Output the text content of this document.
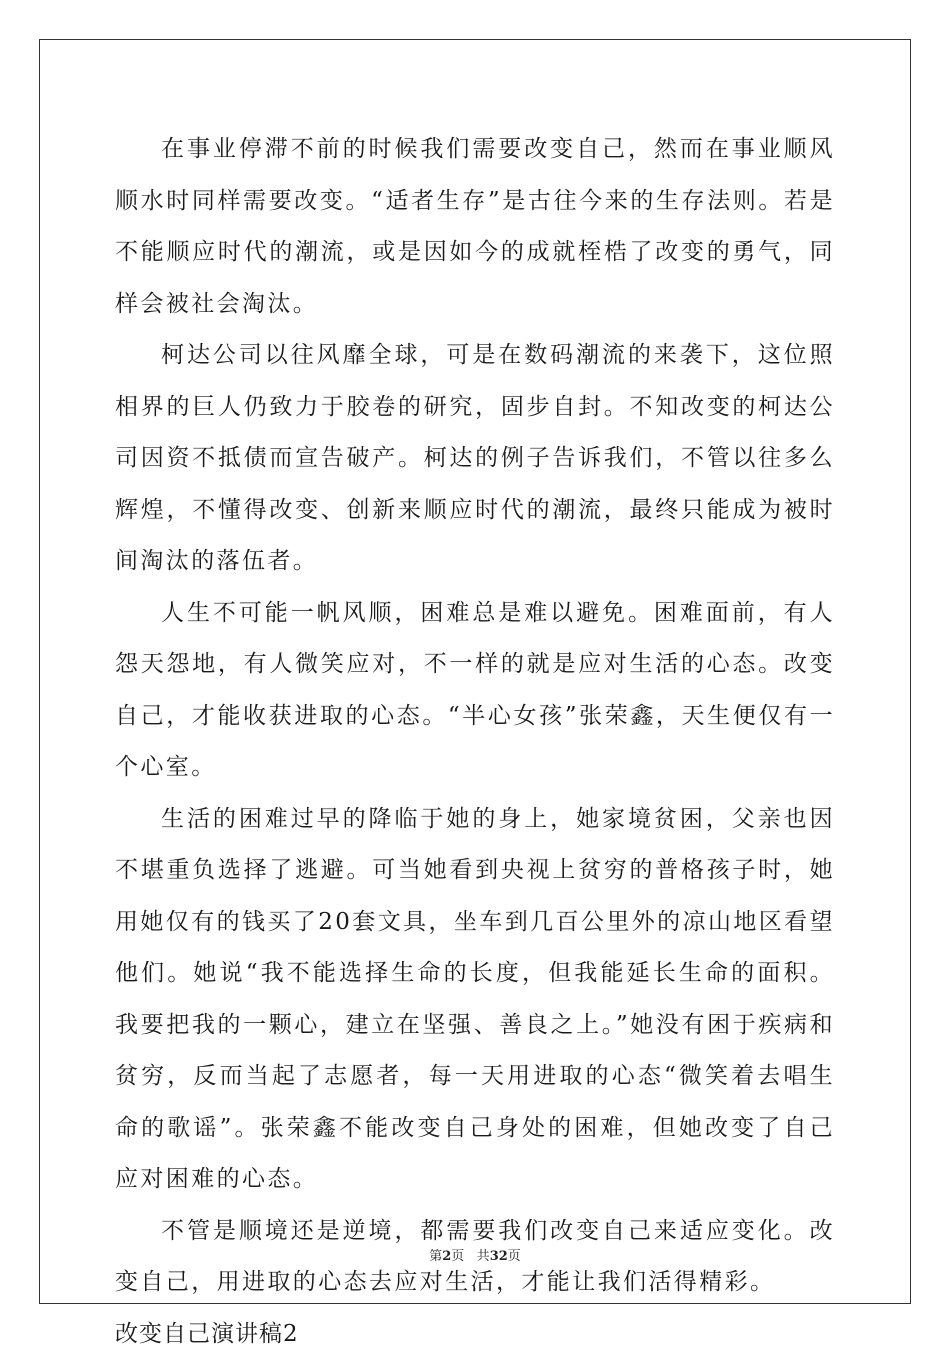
在事业停滞不前的时候我们需要改变自己，然而在事业顺风顺水时同样需要改变。“适者生存”是古往今来的生存法则。若是不能顺应时代的潮流，或是因如今的成就桎梏了改变的勇气，同样会被社会淘汰。

柯达公司以往风靡全球，可是在数码潮流的来袭下，这位照相界的巨人仍致力于胶卷的研究，固步自封。不知改变的柯达公司因资不抵债而宣告破产。柯达的例子告诉我们，不管以往多么辉煌，不懂得改变、创新来顺应时代的潮流，最终只能成为被时间淘汰的落伍者。

人生不可能一帆风顺，困难总是难以避免。困难面前，有人怨天怨地，有人微笑应对，不一样的就是应对生活的心态。改变自己，才能收获进取的心态。“半心女孩”张荣鑫，天生便仅有一个心室。

生活的困难过早的降临于她的身上，她家境贫困，父亲也因不堪重负选择了逃避。可当她看到央视上贫穷的普格孩子时，她用她仅有的钱买了20套文具，坐车到几百公里外的凉山地区看望他们。她说“我不能选择生命的长度，但我能延长生命的面积。我要把我的一颗心，建立在坚强、善良之上。”她没有困于疾病和贫穷，反而当起了志愿者，每一天用进取的心态“微笑着去唱生命的歌谣”。张荣鑫不能改变自己身处的困难，但她改变了自己应对困难的心态。

不管是顺境还是逆境，都需要我们改变自己来适应变化。改变自己，用进取的心态去应对生活，才能让我们活得精彩。

改变自己演讲稿2

第2页 共32页
